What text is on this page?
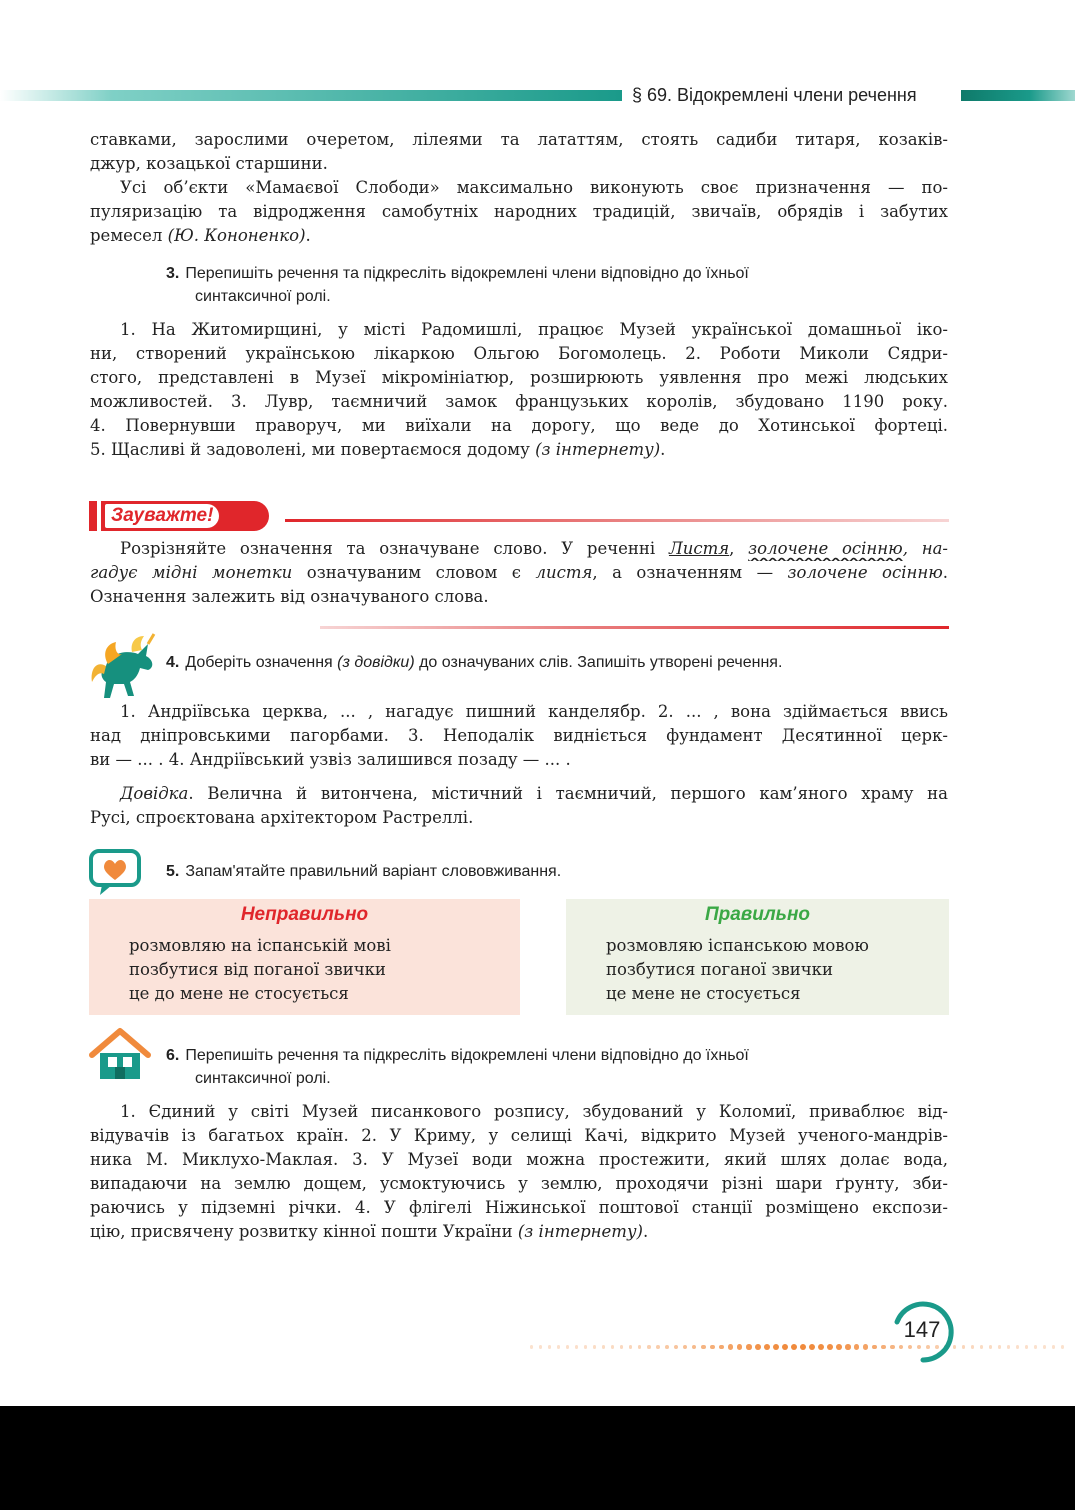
§ 69. Відокремлені члени речення
ставками, зарослими очеретом, лілеями та лататтям, стоять садиби титаря, козаків-
джур, козацької старшини.
Усі об’єкти «Мамаєвої Слободи» максимально виконують своє призначення — по-
пуляризацію та відродження самобутніх народних традицій, звичаїв, обрядів і забутих
ремесел (Ю. Кононенко).
3. Перепишіть речення та підкресліть відокремлені члени відповідно до їхньої
синтаксичної ролі.
1. На Житомирщині, у місті Радомишлі, працює Музей української домашньої іко-
ни, створений українською лікаркою Ольгою Богомолець. 2. Роботи Миколи Сядри-
стого, представлені в Музеї мікромініатюр, розширюють уявлення про межі людських
можливостей. 3. Лувр, таємничий замок французьких королів, збудовано 1190 року.
4. Повернувши праворуч, ми виїхали на дорогу, що веде до Хотинської фортеці.
5. Щасливі й задоволені, ми повертаємося додому (з інтернету).
Зауважте!
Розрізняйте означення та означуване слово. У реченні Листя, золочене осінню, на-
гадує мідні монетки означуваним словом є листя, а означенням — золочене осінню.
Означення залежить від означуваного слова.
4. Доберіть означення (з довідки) до означуваних слів. Запишіть утворені речення.
1. Андріївська церква, ... , нагадує пишний канделябр. 2. ... , вона здіймається ввись
над дніпровськими пагорбами. 3. Неподалік видніється фундамент Десятинної церк-
ви — ... . 4. Андріївський узвіз залишився позаду — ... .
Довідка. Велична й витончена, містичний і таємничий, першого кам’яного храму на
Русі, спроєктована архітектором Растреллі.
5. Запам'ятайте правильний варіант слововживання.
Неправильно
розмовляю на іспанській мові
позбутися від поганої звички
це до мене не стосується
Правильно
розмовляю іспанською мовою
позбутися поганої звички
це мене не стосується
6. Перепишіть речення та підкресліть відокремлені члени відповідно до їхньої
синтаксичної ролі.
1. Єдиний у світі Музей писанкового розпису, збудований у Коломиї, приваблює від-
відувачів із багатьох країн. 2. У Криму, у селищі Качі, відкрито Музей ученого-мандрів-
ника М. Миклухо-Маклая. 3. У Музеї води можна простежити, який шлях долає вода,
випадаючи на землю дощем, усмоктуючись у землю, проходячи різні шари ґрунту, зби-
раючись у підземні річки. 4. У флігелі Ніжинської поштової станції розміщено експози-
цію, присвячену розвитку кінної пошти України (з інтернету).
147
